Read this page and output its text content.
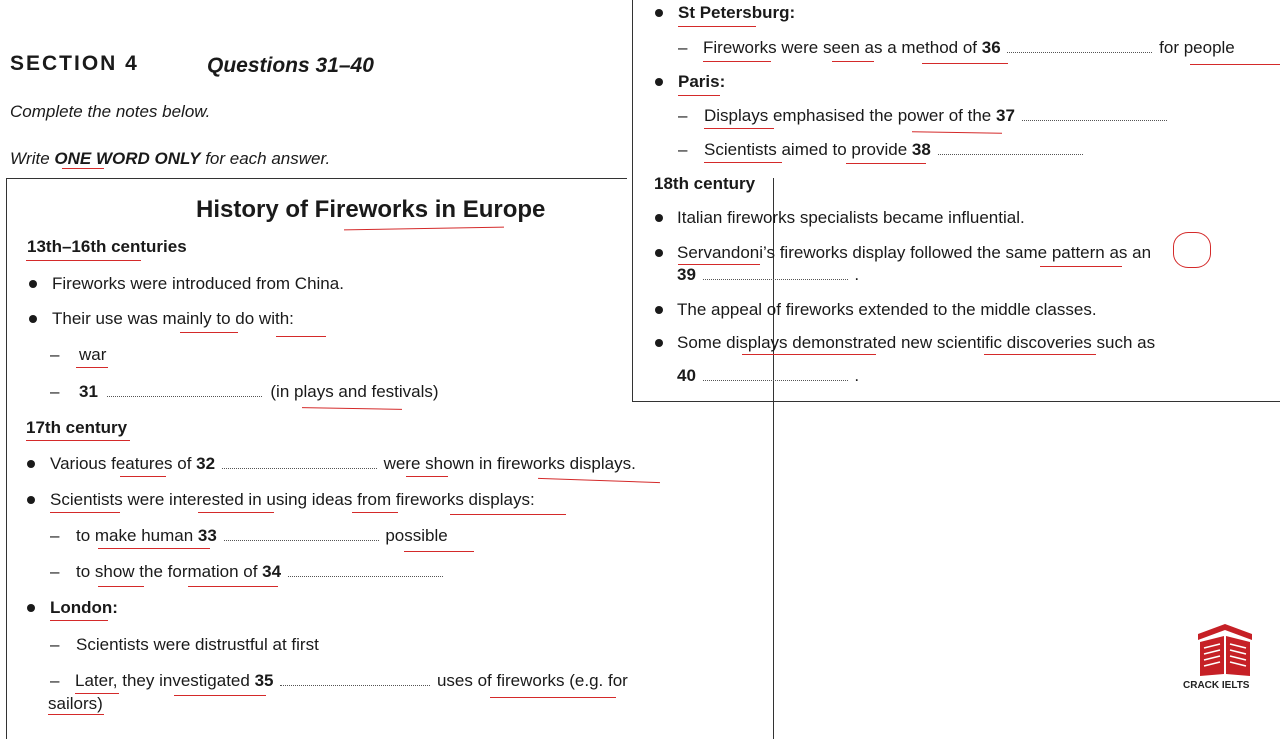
SECTION 4	Questions 31–40
Complete the notes below.
Write ONE WORD ONLY for each answer.
History of Fireworks in Europe
13th–16th centuries
Fireworks were introduced from China.
Their use was mainly to do with:
– war
– 31	(in plays and festivals)
17th century
Various features of 32	were shown in fireworks displays.
Scientists were interested in using ideas from fireworks displays:
– to make human 33	possible
– to show the formation of 34
London:
– Scientists were distrustful at first
– Later, they investigated 35	uses of fireworks (e.g. for
sailors)
St Petersburg:
– Fireworks were seen as a method of 36	for people
Paris:
– Displays emphasised the power of the 37
– Scientists aimed to provide 38
18th century
Italian fireworks specialists became influential.
Servandoni’s fireworks display followed the same pattern as an
39	.
The appeal of fireworks extended to the middle classes.
Some displays demonstrated new scientific discoveries such as
40	.
CRACK IELTS
